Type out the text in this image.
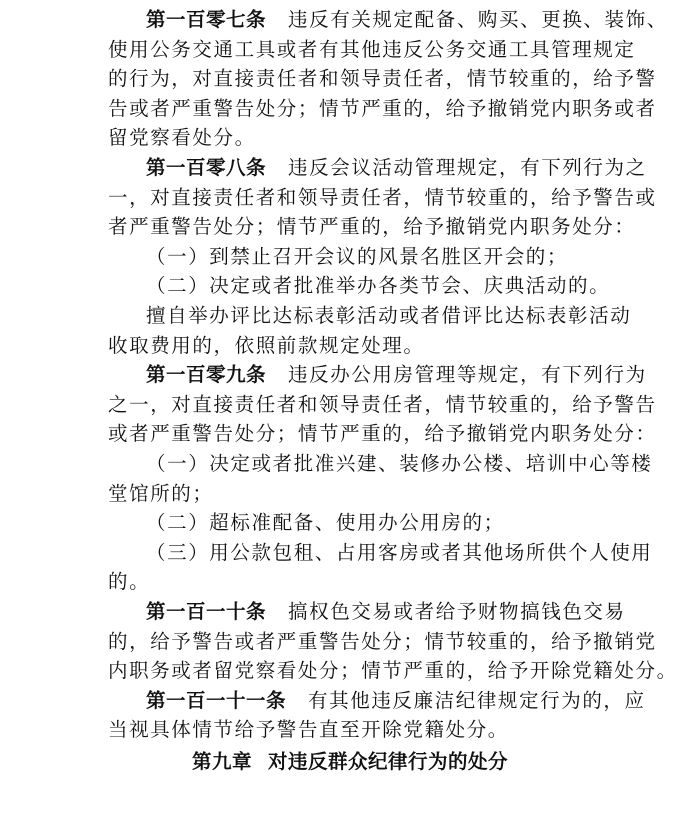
第一百零七条 违反有关规定配备、购买、更换、装饰、
使用公务交通工具或者有其他违反公务交通工具管理规定
的行为，对直接责任者和领导责任者，情节较重的，给予警
告或者严重警告处分；情节严重的，给予撤销党内职务或者
留党察看处分。
第一百零八条 违反会议活动管理规定，有下列行为之
一，对直接责任者和领导责任者，情节较重的，给予警告或
者严重警告处分；情节严重的，给予撤销党内职务处分：
（一）到禁止召开会议的风景名胜区开会的；
（二）决定或者批准举办各类节会、庆典活动的。
擅自举办评比达标表彰活动或者借评比达标表彰活动
收取费用的，依照前款规定处理。
第一百零九条 违反办公用房管理等规定，有下列行为
之一，对直接责任者和领导责任者，情节较重的，给予警告
或者严重警告处分；情节严重的，给予撤销党内职务处分：
（一）决定或者批准兴建、装修办公楼、培训中心等楼
堂馆所的；
（二）超标准配备、使用办公用房的；
（三）用公款包租、占用客房或者其他场所供个人使用
的。
第一百一十条 搞权色交易或者给予财物搞钱色交易
的，给予警告或者严重警告处分；情节较重的，给予撤销党
内职务或者留党察看处分；情节严重的，给予开除党籍处分。
第一百一十一条 有其他违反廉洁纪律规定行为的，应
当视具体情节给予警告直至开除党籍处分。
第九章 对违反群众纪律行为的处分
